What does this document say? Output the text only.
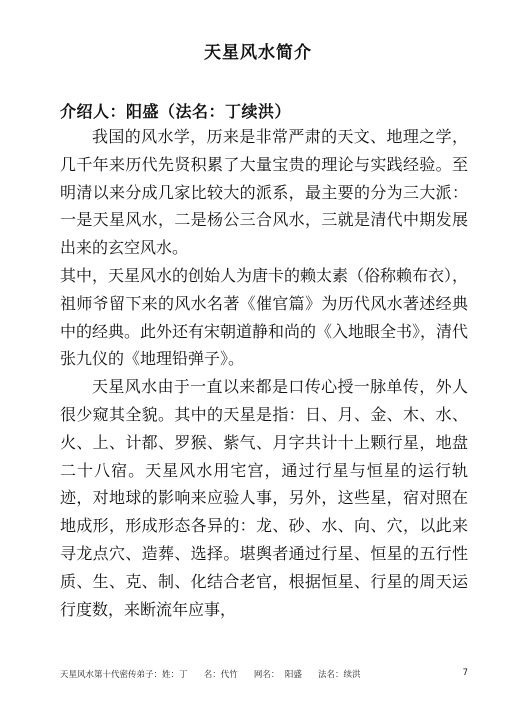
天星风水简介
介绍人：阳盛（法名：丁续洪）

我国的风水学，历来是非常严肃的天文、地理之学，几千年来历代先贤积累了大量宝贵的理论与实践经验。至明清以来分成几家比较大的派系，最主要的分为三大派：一是天星风水，二是杨公三合风水，三就是清代中期发展出来的玄空风水。

其中，天星风水的创始人为唐卡的赖太素（俗称赖布衣），祖师爷留下来的风水名著《催官篇》为历代风水著述经典中的经典。此外还有宋朝道静和尚的《入地眼全书》，清代张九仪的《地理铅弹子》。

天星风水由于一直以来都是口传心授一脉单传，外人很少窥其全貌。其中的天星是指：日、月、金、木、水、火、上、计都、罗猴、紫气、月字共计十上颗行星，地盘二十八宿。天星风水用宅宫，通过行星与恒星的运行轨迹，对地球的影响来应验人事，另外，这些星，宿对照在地成形，形成形态各异的：龙、砂、水、向、穴，以此来寻龙点穴、造葬、选择。堪舆者通过行星、恒星的五行性质、生、克、制、化结合老官，根据恒星、行星的周天运行度数，来断流年应事，

天星风水第十代密传弟子：姓：丁      名：代竹      网名：  阳盛      法名：续洪	7
